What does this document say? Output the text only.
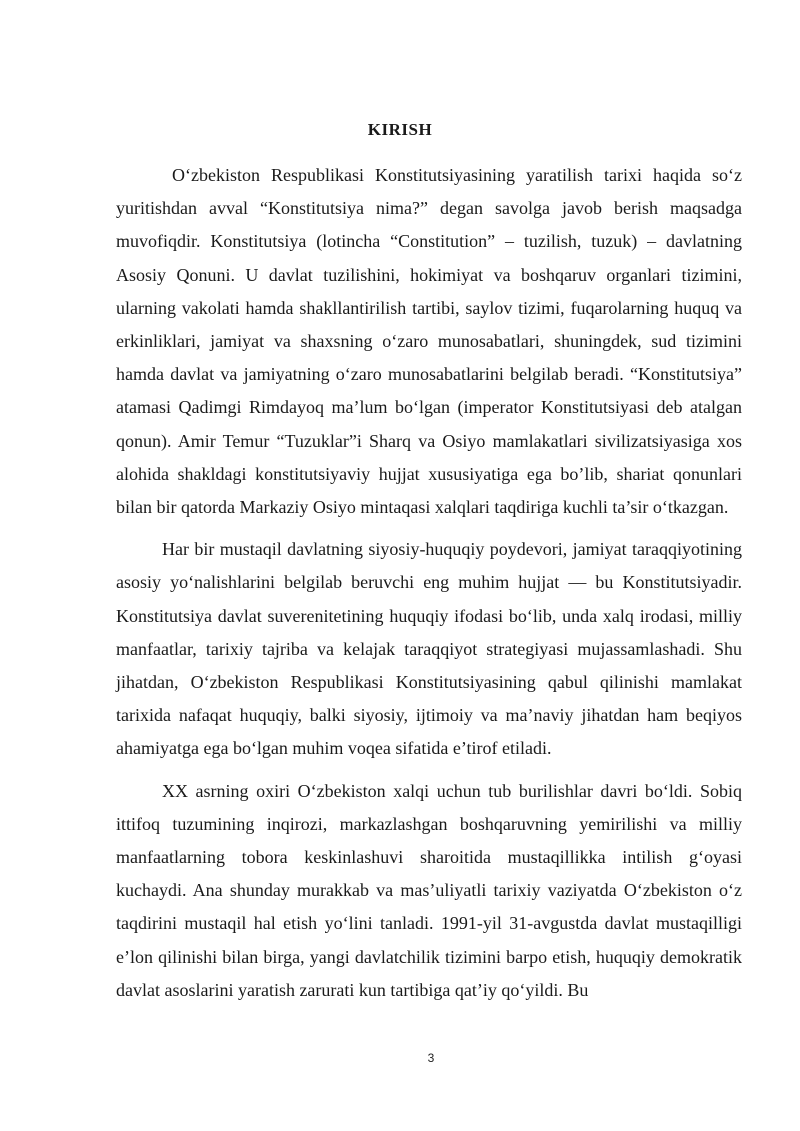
KIRISH

O‘zbekiston Respublikasi Konstitutsiyasining yaratilish tarixi haqida so‘z yuritishdan avval “Konstitutsiya nima?” degan savolga javob berish maqsadga muvofiqdir. Konstitutsiya (lotincha “Constitution” – tuzilish, tuzuk) – davlatning Asosiy Qonuni. U davlat tuzilishini, hokimiyat va boshqaruv organlari tizimini, ularning vakolati hamda shakllantirilish tartibi, saylov tizimi, fuqarolarning huquq va erkinliklari, jamiyat va shaxsning o‘zaro munosabatlari, shuningdek, sud tizimini hamda davlat va jamiyatning o‘zaro munosabatlarini belgilab beradi. “Konstitutsiya” atamasi Qadimgi Rimdayoq ma’lum bo‘lgan (imperator Konstitutsiyasi deb atalgan qonun). Amir Temur “Tuzuklar”i Sharq va Osiyo mamlakatlari sivilizatsiyasiga xos alohida shakldagi konstitutsiyaviy hujjat xususiyatiga ega bo’lib, shariat qonunlari bilan bir qatorda Markaziy Osiyo mintaqasi xalqlari taqdiriga kuchli ta’sir o‘tkazgan.

Har bir mustaqil davlatning siyosiy-huquqiy poydevori, jamiyat taraqqiyotining asosiy yo‘nalishlarini belgilab beruvchi eng muhim hujjat — bu Konstitutsiyadir. Konstitutsiya davlat suverenitetining huquqiy ifodasi bo‘lib, unda xalq irodasi, milliy manfaatlar, tarixiy tajriba va kelajak taraqqiyot strategiyasi mujassamlashadi. Shu jihatdan, O‘zbekiston Respublikasi Konstitutsiyasining qabul qilinishi mamlakat tarixida nafaqat huquqiy, balki siyosiy, ijtimoiy va ma’naviy jihatdan ham beqiyos ahamiyatga ega bo‘lgan muhim voqea sifatida e’tirof etiladi.

XX asrning oxiri O‘zbekiston xalqi uchun tub burilishlar davri bo‘ldi. Sobiq ittifoq tuzumining inqirozi, markazlashgan boshqaruvning yemirilishi va milliy manfaatlarning tobora keskinlashuvi sharoitida mustaqillikka intilish g‘oyasi kuchaydi. Ana shunday murakkab va mas’uliyatli tarixiy vaziyatda O‘zbekiston o‘z taqdirini mustaqil hal etish yo‘lini tanladi. 1991-yil 31-avgustda davlat mustaqilligi e’lon qilinishi bilan birga, yangi davlatchilik tizimini barpo etish, huquqiy demokratik davlat asoslarini yaratish zarurati kun tartibiga qat’iy qo‘yildi. Bu

3
